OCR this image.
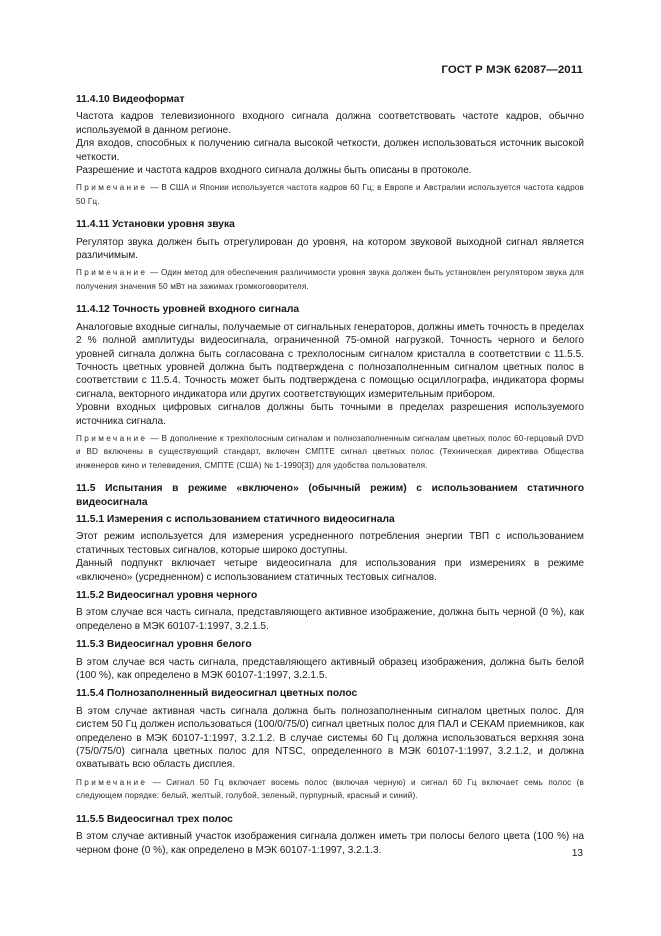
ГОСТ Р МЭК 62087—2011
11.4.10 Видеоформат

Частота кадров телевизионного входного сигнала должна соответствовать частоте кадров, обычно используемой в данном регионе.

Для входов, способных к получению сигнала высокой четкости, должен использоваться источник высокой четкости.

Разрешение и частота кадров входного сигнала должны быть описаны в протоколе.

Примечание — В США и Японии используется частота кадров 60 Гц; в Европе и Австралии используется частота кадров 50 Гц.

11.4.11 Установки уровня звука

Регулятор звука должен быть отрегулирован до уровня, на котором звуковой выходной сигнал является различимым.

Примечание — Один метод для обеспечения различимости уровня звука должен быть установлен регулятором звука для получения значения 50 мВт на зажимах громкоговорителя.

11.4.12 Точность уровней входного сигнала

Аналоговые входные сигналы, получаемые от сигнальных генераторов, должны иметь точность в пределах 2 % полной амплитуды видеосигнала, ограниченной 75-омной нагрузкой. Точность черного и белого уровней сигнала должна быть согласована с трехполосным сигналом кристалла в соответствии с 11.5.5. Точность цветных уровней должна быть подтверждена с полнозаполненным сигналом цветных полос в соответствии с 11.5.4. Точность может быть подтверждена с помощью осциллографа, индикатора формы сигнала, векторного индикатора или других соответствующих измерительным прибором.

Уровни входных цифровых сигналов должны быть точными в пределах разрешения используемого источника сигнала.

Примечание — В дополнение к трехполосным сигналам и полнозаполненным сигналам цветных полос 60-герцовый DVD и BD включены в существующий стандарт, включен СМПТЕ сигнал цветных полос (Техническая директива Общества инженеров кино и телевидения, СМПТЕ (США) № 1-1990[3]) для удобства пользователя.

11.5 Испытания в режиме «включено» (обычный режим) с использованием статичного видеосигнала
11.5.1 Измерения с использованием статичного видеосигнала

Этот режим используется для измерения усредненного потребления энергии ТВП с использованием статичных тестовых сигналов, которые широко доступны.

Данный подпункт включает четыре видеосигнала для использования при измерениях в режиме «включено» (усредненном) с использованием статичных тестовых сигналов.

11.5.2 Видеосигнал уровня черного

В этом случае вся часть сигнала, представляющего активное изображение, должна быть черной (0 %), как определено в МЭК 60107-1:1997, 3.2.1.5.

11.5.3 Видеосигнал уровня белого

В этом случае вся часть сигнала, представляющего активный образец изображения, должна быть белой (100 %), как определено в МЭК 60107-1:1997, 3.2.1.5.

11.5.4 Полнозаполненный видеосигнал цветных полос

В этом случае активная часть сигнала должна быть полнозаполненным сигналом цветных полос. Для систем 50 Гц должен использоваться (100/0/75/0) сигнал цветных полос для ПАЛ и СЕКАМ приемников, как определено в МЭК 60107-1:1997, 3.2.1.2. В случае системы 60 Гц должна использоваться верхняя зона (75/0/75/0) сигнала цветных полос для NTSC, определенного в МЭК 60107-1:1997, 3.2.1.2, и должна охватывать всю область дисплея.

Примечание — Сигнал 50 Гц включает восемь полос (включая черную) и сигнал 60 Гц включает семь полос (в следующем порядке: белый, желтый, голубой, зеленый, пурпурный, красный и синий).

11.5.5 Видеосигнал трех полос

В этом случае активный участок изображения сигнала должен иметь три полосы белого цвета (100 %) на черном фоне (0 %), как определено в МЭК 60107-1:1997, 3.2.1.3.	13
